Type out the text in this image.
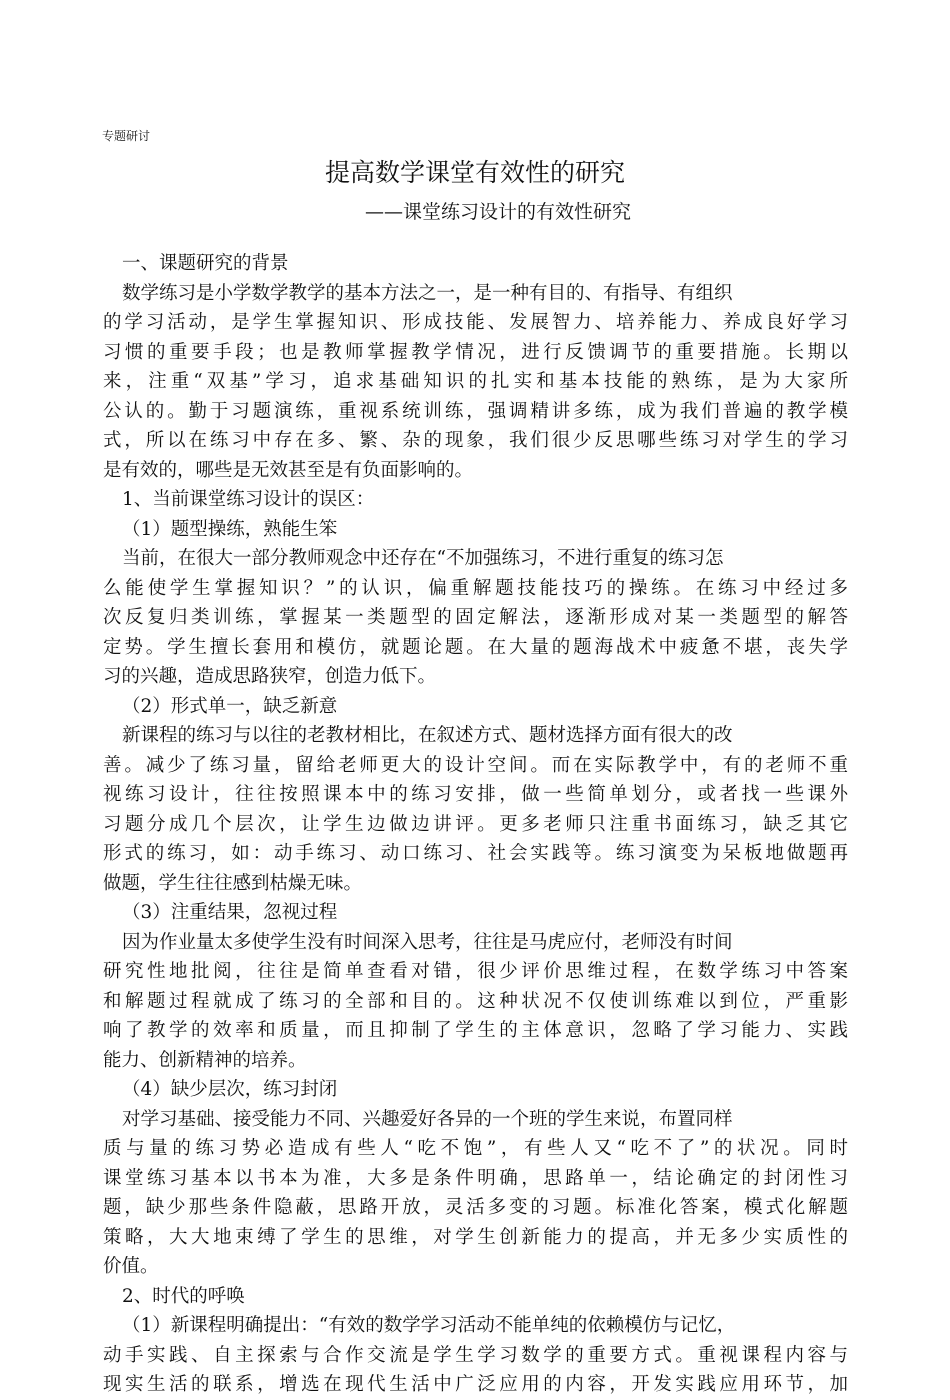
专题研讨
提高数学课堂有效性的研究
——课堂练习设计的有效性研究
一、课题研究的背景
数学练习是小学数学教学的基本方法之一，是一种有目的、有指导、有组织
的学习活动，是学生掌握知识、形成技能、发展智力、培养能力、养成良好学习
习惯的重要手段；也是教师掌握教学情况，进行反馈调节的重要措施。长期以
来，注重“双基”学习，追求基础知识的扎实和基本技能的熟练，是为大家所
公认的。勤于习题演练，重视系统训练，强调精讲多练，成为我们普遍的教学模
式，所以在练习中存在多、繁、杂的现象，我们很少反思哪些练习对学生的学习
是有效的，哪些是无效甚至是有负面影响的。
1、当前课堂练习设计的误区：
（1）题型操练，熟能生笨
当前，在很大一部分教师观念中还存在“不加强练习，不进行重复的练习怎
么能使学生掌握知识？”的认识，偏重解题技能技巧的操练。在练习中经过多
次反复归类训练，掌握某一类题型的固定解法，逐渐形成对某一类题型的解答
定势。学生擅长套用和模仿，就题论题。在大量的题海战术中疲惫不堪，丧失学
习的兴趣，造成思路狭窄，创造力低下。
（2）形式单一，缺乏新意
新课程的练习与以往的老教材相比，在叙述方式、题材选择方面有很大的改
善。减少了练习量，留给老师更大的设计空间。而在实际教学中，有的老师不重
视练习设计，往往按照课本中的练习安排，做一些简单划分，或者找一些课外
习题分成几个层次，让学生边做边讲评。更多老师只注重书面练习，缺乏其它
形式的练习，如：动手练习、动口练习、社会实践等。练习演变为呆板地做题再
做题，学生往往感到枯燥无味。
（3）注重结果，忽视过程
因为作业量太多使学生没有时间深入思考，往往是马虎应付，老师没有时间
研究性地批阅，往往是简单查看对错，很少评价思维过程，在数学练习中答案
和解题过程就成了练习的全部和目的。这种状况不仅使训练难以到位，严重影
响了教学的效率和质量，而且抑制了学生的主体意识，忽略了学习能力、实践
能力、创新精神的培养。
（4）缺少层次，练习封闭
对学习基础、接受能力不同、兴趣爱好各异的一个班的学生来说，布置同样
质与量的练习势必造成有些人“吃不饱”，有些人又“吃不了”的状况。同时
课堂练习基本以书本为准，大多是条件明确，思路单一，结论确定的封闭性习
题，缺少那些条件隐蔽，思路开放，灵活多变的习题。标准化答案，模式化解题
策略，大大地束缚了学生的思维，对学生创新能力的提高，并无多少实质性的
价值。
2、时代的呼唤
（1）新课程明确提出：“有效的数学学习活动不能单纯的依赖模仿与记忆，
动手实践、自主探索与合作交流是学生学习数学的重要方式。重视课程内容与
现实生活的联系，增选在现代生活中广泛应用的内容，开发实践应用环节，加
